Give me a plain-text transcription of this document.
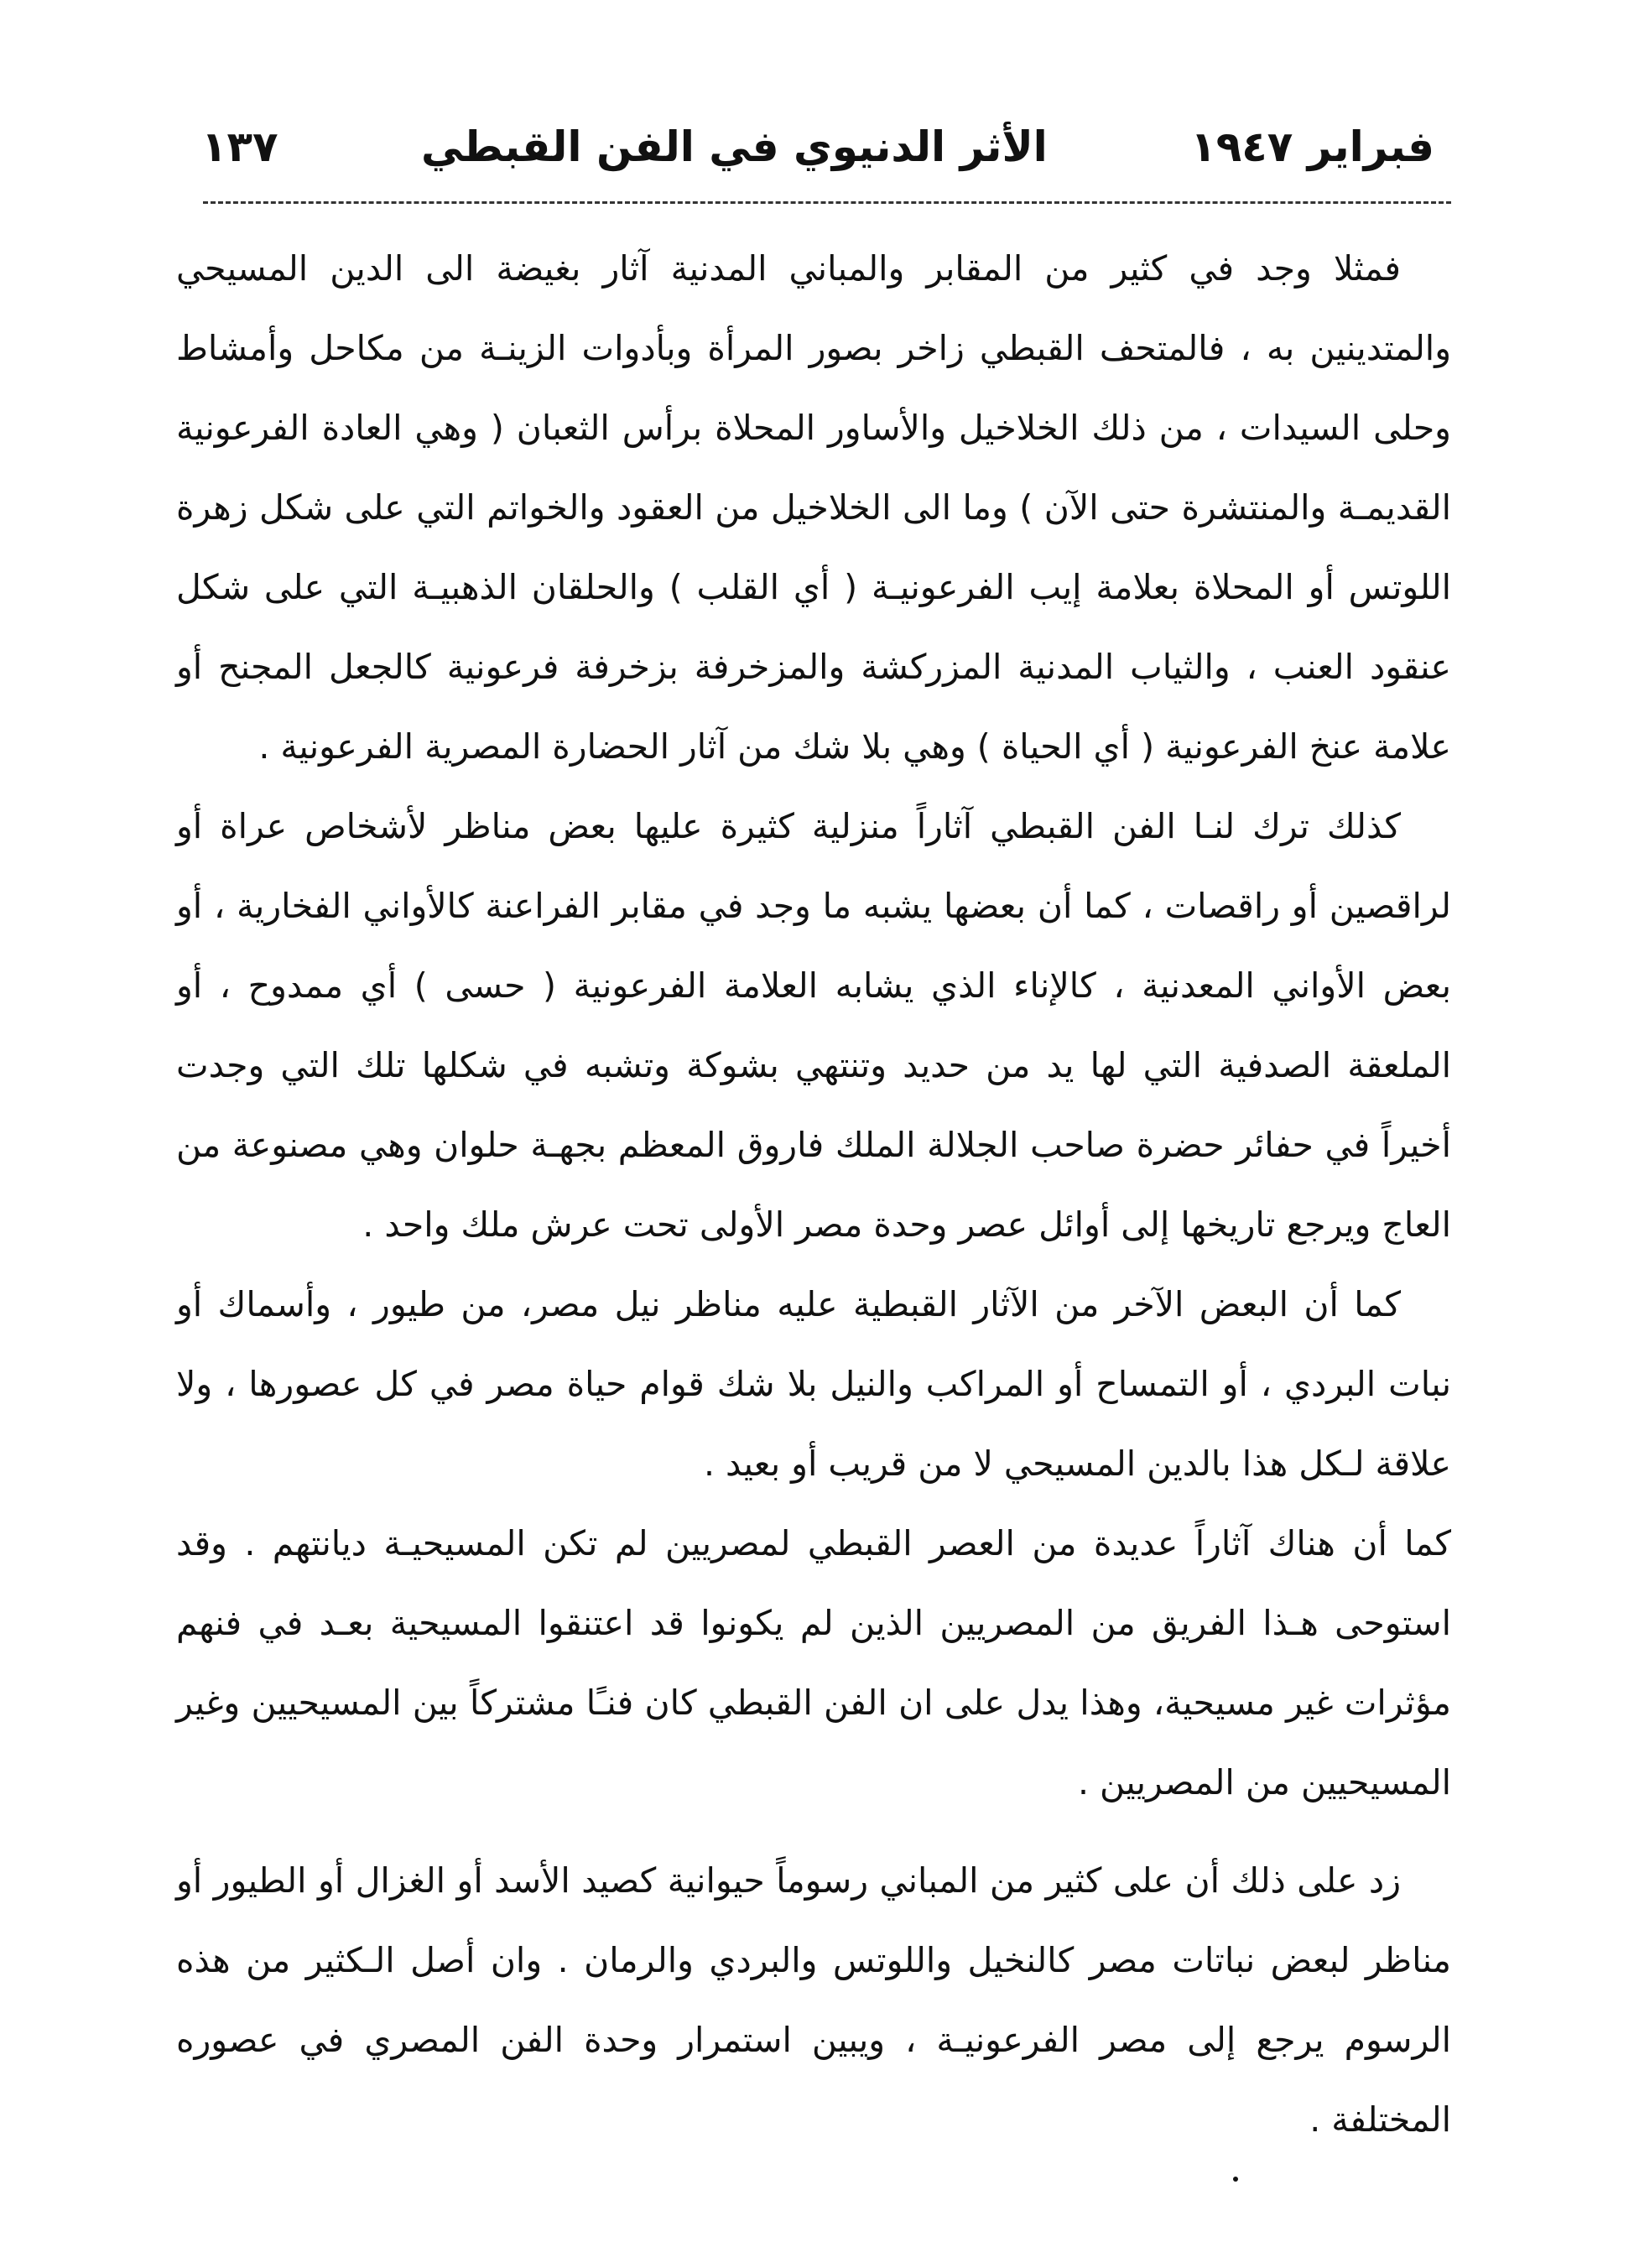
فبراير ١٩٤٧
الأثر الدنيوي في الفن القبطي
١٣٧

فمثلا وجد في كثير من المقابر والمباني المدنية آثار بغيضة الى الدين المسيحي والمتدينين به ، فالمتحف القبطي زاخر بصور المرأة وبأدوات الزينـة من مكاحل وأمشاط وحلى السيدات ، من ذلك الخلاخيل والأساور المحلاة برأس الثعبان ( وهي العادة الفرعونية القديمـة والمنتشرة حتى الآن ) وما الى الخلاخيل من العقود والخواتم التي على شكل زهرة اللوتس أو المحلاة بعلامة إيب الفرعونيـة ( أي القلب ) والحلقان الذهبيـة التي على شكل عنقود العنب ، والثياب المدنية المزركشة والمزخرفة بزخرفة فرعونية كالجعل المجنح أو علامة عنخ الفرعونية ( أي الحياة ) وهي بلا شك من آثار الحضارة المصرية الفرعونية .

كذلك ترك لنـا الفن القبطي آثاراً منزلية كثيرة عليها بعض مناظر لأشخاص عراة أو لراقصين أو راقصات ، كما أن بعضها يشبه ما وجد في مقابر الفراعنة كالأواني الفخارية ، أو بعض الأواني المعدنية ، كالإناء الذي يشابه العلامة الفرعونية ( حسى ) أي ممدوح ، أو الملعقة الصدفية التي لها يد من حديد وتنتهي بشوكة وتشبه في شكلها تلك التي وجدت أخيراً في حفائر حضرة صاحب الجلالة الملك فاروق المعظم بجهـة حلوان وهي مصنوعة من العاج ويرجع تاريخها إلى أوائل عصر وحدة مصر الأولى تحت عرش ملك واحد .

كما أن البعض الآخر من الآثار القبطية عليه مناظر نيل مصر، من طيور ، وأسماك أو نبات البردي ، أو التمساح أو المراكب والنيل بلا شك قوام حياة مصر في كل عصورها ، ولا علاقة لـكل هذا بالدين المسيحي لا من قريب أو بعيد .

كما أن هناك آثاراً عديدة من العصر القبطي لمصريين لم تكن المسيحيـة ديانتهم . وقد استوحى هـذا الفريق من المصريين الذين لم يكونوا قد اعتنقوا المسيحية بعـد في فنهم مؤثرات غير مسيحية، وهذا يدل على ان الفن القبطي كان فنـًا مشتركاً بين المسيحيين وغير المسيحيين من المصريين .

زد على ذلك أن على كثير من المباني رسوماً حيوانية كصيد الأسد أو الغزال أو الطيور أو مناظر لبعض نباتات مصر كالنخيل واللوتس والبردي والرمان . وان أصل الـكثير من هذه الرسوم يرجع إلى مصر الفرعونيـة ، ويبين استمرار وحدة الفن المصري في عصوره المختلفة .
